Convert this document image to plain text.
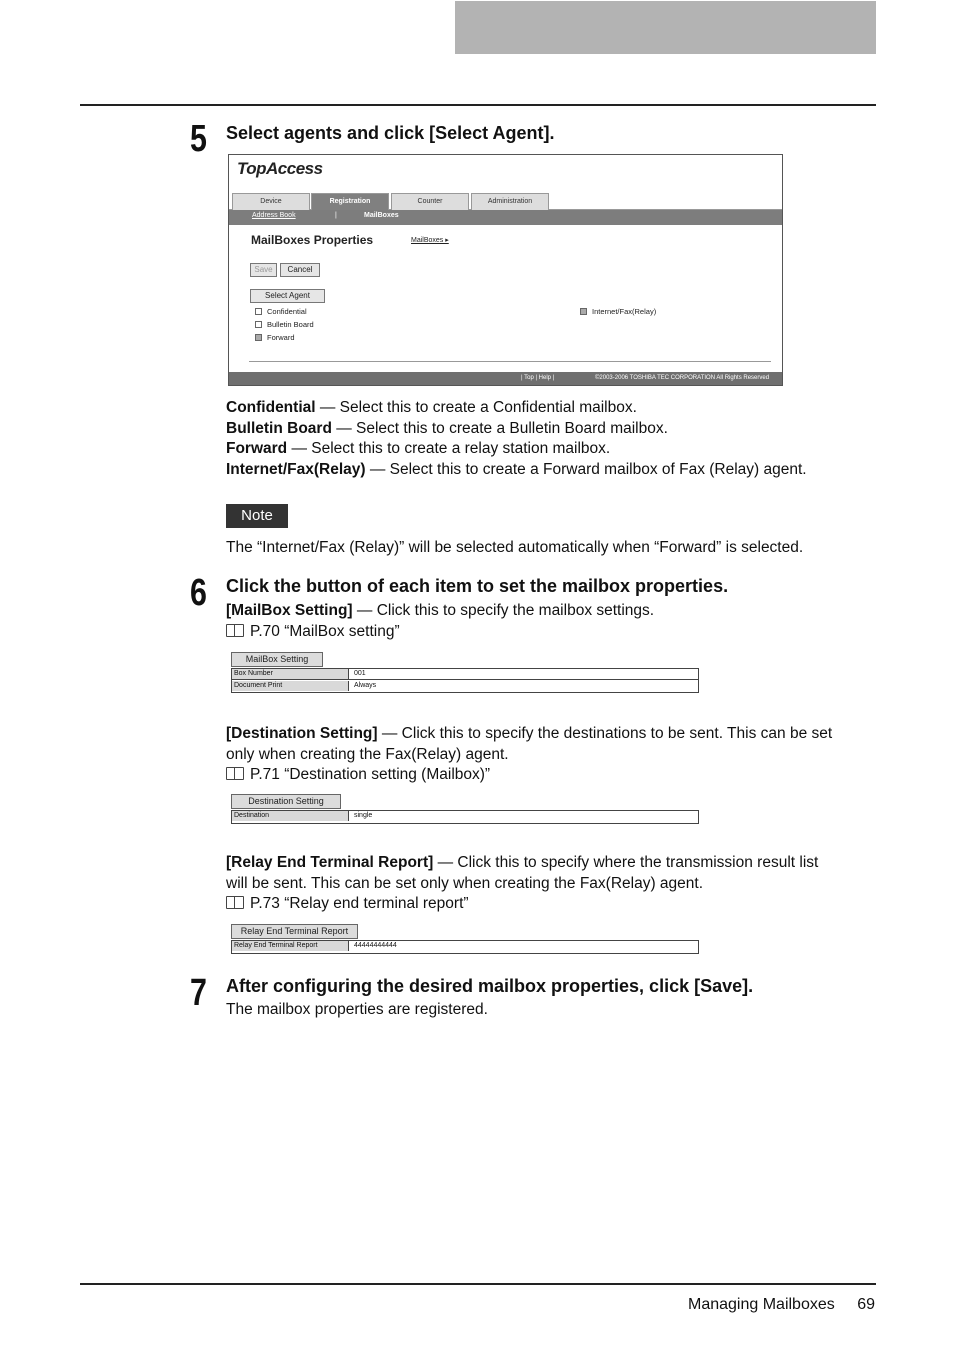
5 Select agents and click [Select Agent].
TopAccess
Device	Registration	Counter	Administration
Address Book	|	MailBoxes
MailBoxes Properties	MailBoxes ▸
Save	Cancel
Select Agent
Confidential
Bulletin Board
Forward
Internet/Fax(Relay)
| Top | Help |	©2003-2006 TOSHIBA TEC CORPORATION All Rights Reserved
Confidential — Select this to create a Confidential mailbox.
Bulletin Board — Select this to create a Bulletin Board mailbox.
Forward — Select this to create a relay station mailbox.
Internet/Fax(Relay) — Select this to create a Forward mailbox of Fax (Relay) agent.
Note
The “Internet/Fax (Relay)” will be selected automatically when “Forward” is selected.
6 Click the button of each item to set the mailbox properties.
[MailBox Setting] — Click this to specify the mailbox settings.
P.70 “MailBox setting”
MailBox Setting
Box Number	001
Document Print	Always
[Destination Setting] — Click this to specify the destinations to be sent. This can be set
only when creating the Fax(Relay) agent.
P.71 “Destination setting (Mailbox)”
Destination Setting
Destination	single
[Relay End Terminal Report] — Click this to specify where the transmission result list
will be sent. This can be set only when creating the Fax(Relay) agent.
P.73 “Relay end terminal report”
Relay End Terminal Report
Relay End Terminal Report	44444444444
7 After configuring the desired mailbox properties, click [Save].
The mailbox properties are registered.
Managing Mailboxes 69
